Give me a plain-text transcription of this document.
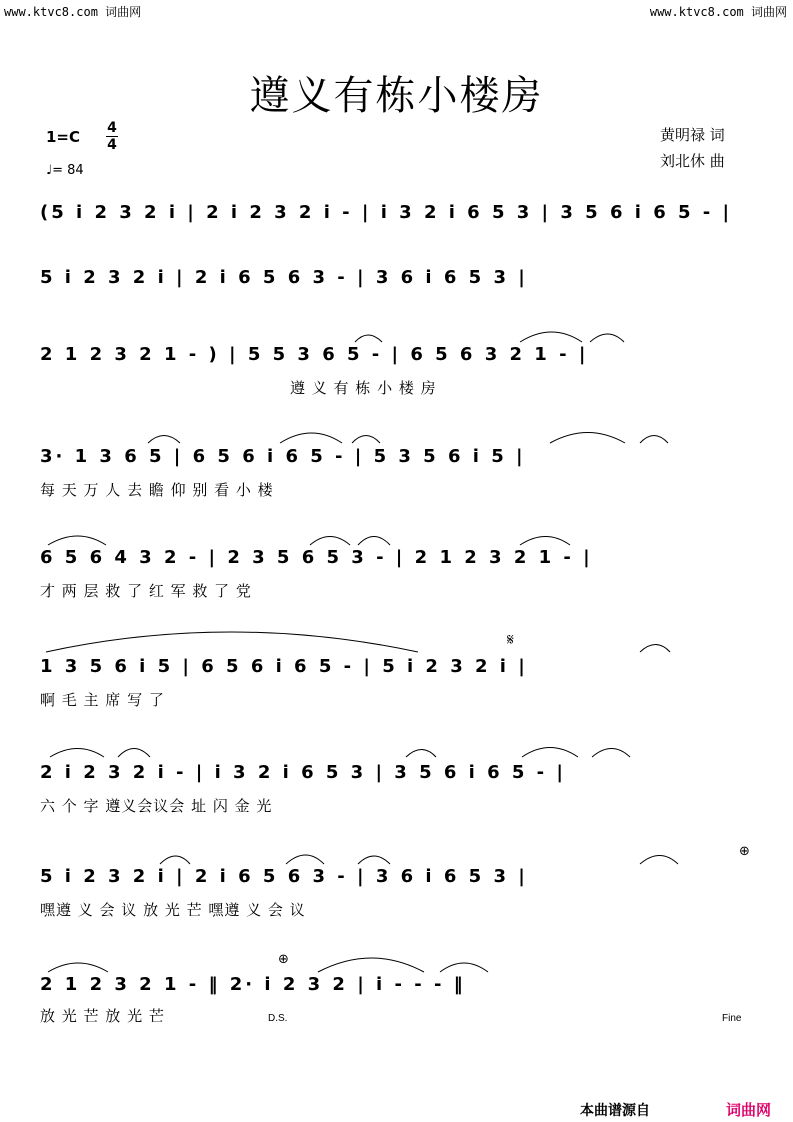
www.ktvc8.com 词曲网	www.ktvc8.com 词曲网
遵义有栋小楼房
1=C 4
4
♩= 84
黄明禄 词
刘北休 曲
(5 i 2 3 2 i | 2 i 2 3 2 i - | i 3 2 i 6 5 3 | 3 5 6 i 6 5 - |
5 i 2 3 2 i | 2 i 6 5 6 3 - | 3 6 i 6 5 3 |
2 1 2 3 2 1 - ) | 5 5 3 6 5 - | 6 5 6 3 2 1 - |
遵 义 有 栋 小 楼 房
3· 1 3 6 5 | 6 5 6 i 6 5 - | 5 3 5 6 i 5 |
每 天 万 人 去 瞻 仰 别 看 小 楼
6 5 6 4 3 2 - | 2 3 5 6 5 3 - | 2 1 2 3 2 1 - |
才 两 层 救 了 红 军 救 了 党
1 3 5 6 i 5 | 6 5 6 i 6 5 - | 5 i 2 3 2 i |
啊 毛 主 席 写 了
2 i 2 3 2 i - | i 3 2 i 6 5 3 | 3 5 6 i 6 5 - |
六 个 字 遵义会议会 址 闪 金 光
5 i 2 3 2 i | 2 i 6 5 6 3 - | 3 6 i 6 5 3 |
嘿遵 义 会 议 放 光 芒 嘿遵 义 会 议
2 1 2 3 2 1 - ‖ 2· i 2 3 2 | i - - - ‖
放 光 芒 放 光 芒
𝄋
⊕
⊕
D.S.	Fine
本曲谱源自	词曲网
